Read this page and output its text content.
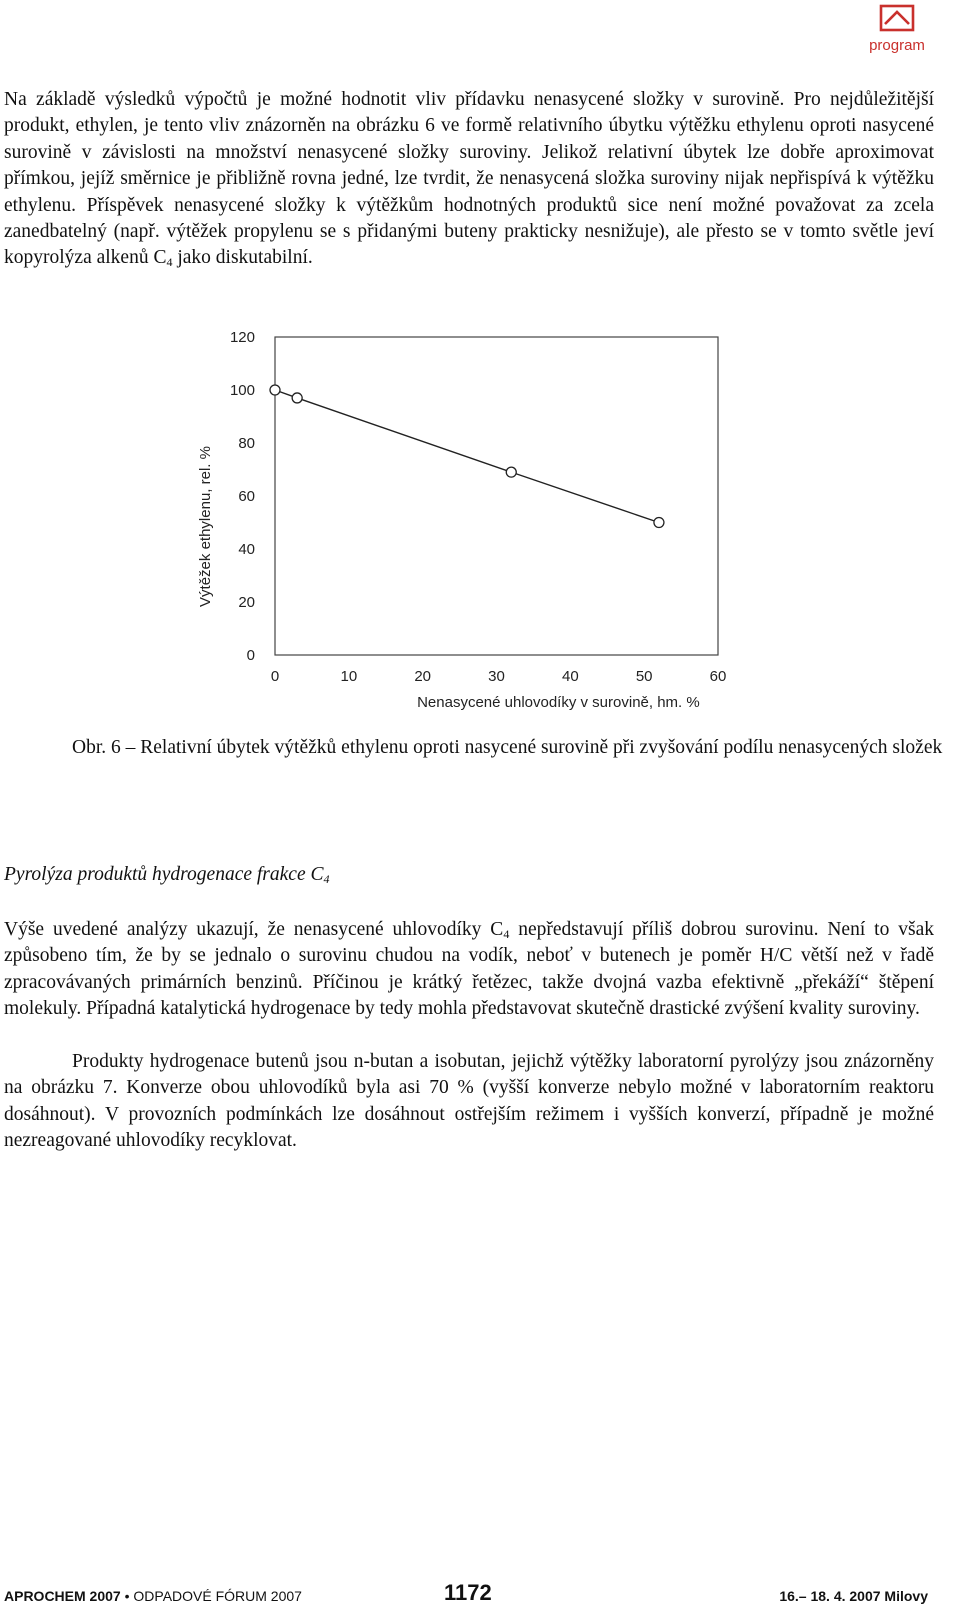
program

Na základě výsledků výpočtů je možné hodnotit vliv přídavku nenasycené složky v surovině. Pro nejdůležitější produkt, ethylen, je tento vliv znázorněn na obrázku 6 ve formě relativního úbytku výtěžku ethylenu oproti nasycené surovině v závislosti na množství nenasycené složky suroviny. Jelikož relativní úbytek lze dobře aproximovat přímkou, jejíž směrnice je přibližně rovna jedné, lze tvrdit, že nenasycená složka suroviny nijak nepřispívá k výtěžku ethylenu. Příspěvek nenasycené složky k výtěžkům hodnotných produktů sice není možné považovat za zcela zanedbatelný (např. výtěžek propylenu se s přidanými buteny prakticky nesnižuje), ale přesto se v tomto světle jeví kopyrolýza alkenů $C_4$ jako diskutabilní.

0
20
40
60
80
100
120
0	10	20	30	40	50	60
Nenasycené uhlovodíky v surovině, hm. %
Výtěžek ethylenu, rel. %

Obr. 6 – Relativní úbytek výtěžků ethylenu oproti nasycené surovině při zvyšování podílu nenasycených složek

Pyrolýza produktů hydrogenace frakce $C_4$

Výše uvedené analýzy ukazují, že nenasycené uhlovodíky $C_4$ nepředstavují příliš dobrou surovinu. Není to však způsobeno tím, že by se jednalo o surovinu chudou na vodík, neboť v butenech je poměr H/C větší než v řadě zpracovávaných primárních benzinů. Příčinou je krátký řetězec, takže dvojná vazba efektivně „překáží“ štěpení molekuly. Případná katalytická hydrogenace by tedy mohla představovat skutečně drastické zvýšení kvality suroviny.

Produkty hydrogenace butenů jsou n-butan a isobutan, jejichž výtěžky laboratorní pyrolýzy jsou znázorněny na obrázku 7. Konverze obou uhlovodíků byla asi 70 % (vyšší konverze nebylo možné v laboratorním reaktoru dosáhnout). V provozních podmínkách lze dosáhnout ostřejším režimem i vyšších konverzí, případně je možné nezreagované uhlovodíky recyklovat.

APROCHEM 2007 • ODPADOVÉ FÓRUM 2007	1172	16.– 18. 4. 2007 Milovy
